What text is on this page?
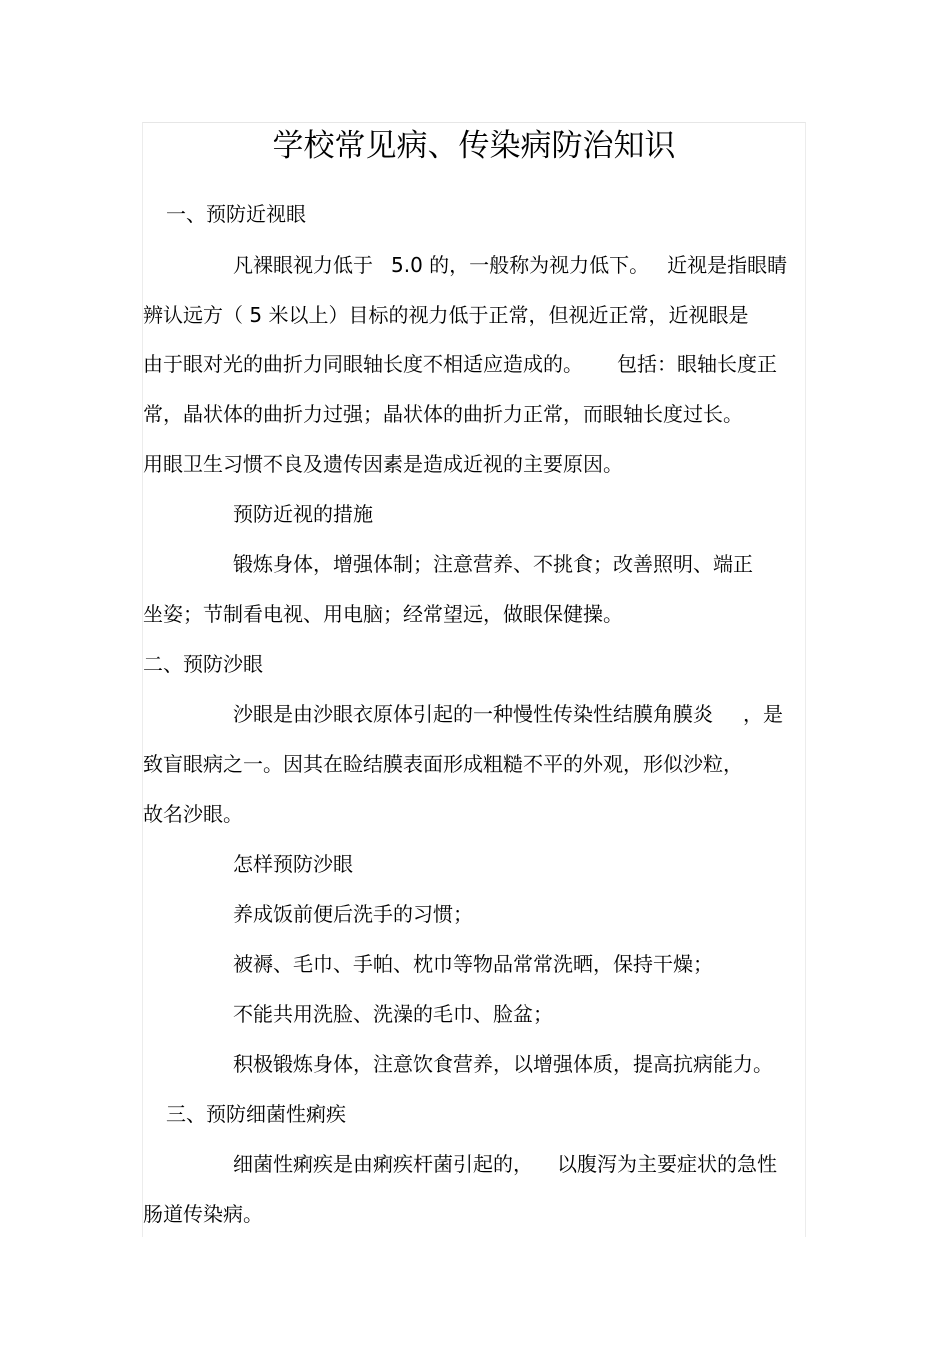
学校常见病、传染病防治知识
一、预防近视眼
凡裸眼视力低于 5.0 的，一般称为视力低下。 近视是指眼睛
辨认远方（ 5 米以上）目标的视力低于正常，但视近正常，近视眼是
由于眼对光的曲折力同眼轴长度不相适应造成的。 包括：眼轴长度正
常，晶状体的曲折力过强；晶状体的曲折力正常，而眼轴长度过长。
用眼卫生习惯不良及遗传因素是造成近视的主要原因。
预防近视的措施
锻炼身体，增强体制；注意营养、不挑食；改善照明、端正
坐姿；节制看电视、用电脑；经常望远，做眼保健操。
二、预防沙眼
沙眼是由沙眼衣原体引起的一种慢性传染性结膜角膜炎 ，是
致盲眼病之一。因其在睑结膜表面形成粗糙不平的外观，形似沙粒，
故名沙眼。
怎样预防沙眼
养成饭前便后洗手的习惯；
被褥、毛巾、手帕、枕巾等物品常常洗晒，保持干燥；
不能共用洗脸、洗澡的毛巾、脸盆；
积极锻炼身体，注意饮食营养，以增强体质，提高抗病能力。
三、预防细菌性痢疾
细菌性痢疾是由痢疾杆菌引起的， 以腹泻为主要症状的急性
肠道传染病。
